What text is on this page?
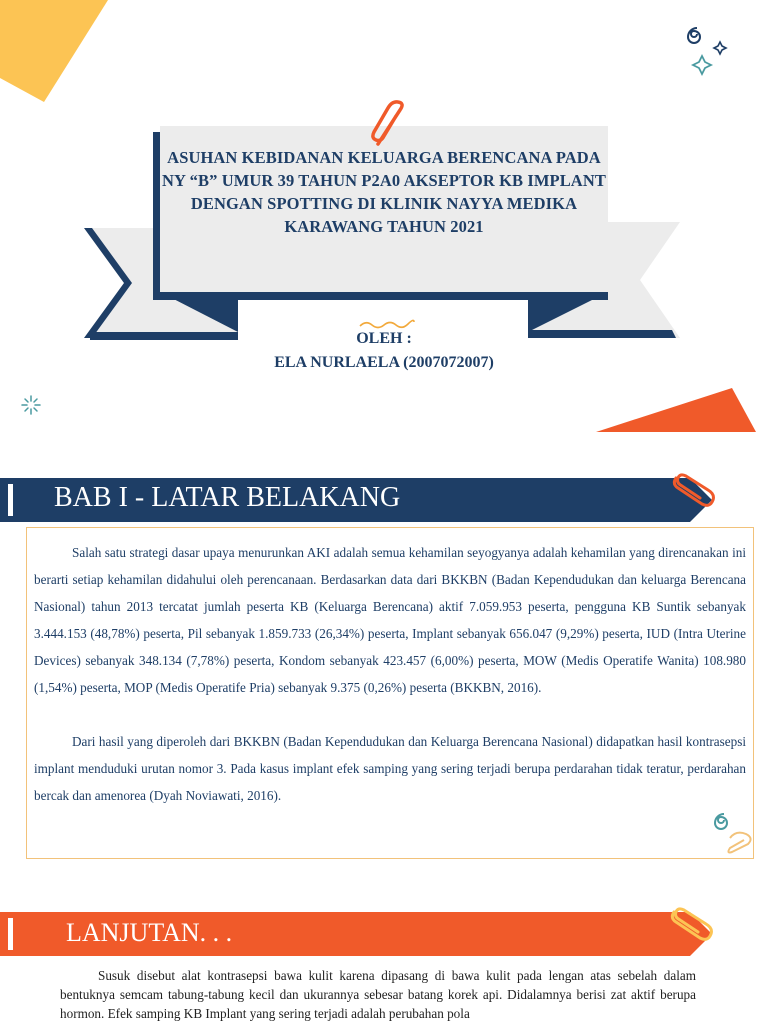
ASUHAN KEBIDANAN KELUARGA BERENCANA PADA NY “B” UMUR 39 TAHUN P2A0 AKSEPTOR KB IMPLANT DENGAN SPOTTING DI KLINIK NAYYA MEDIKA KARAWANG TAHUN 2021
OLEH :
ELA NURLAELA (2007072007)
BAB I - LATAR BELAKANG

Salah satu strategi dasar upaya menurunkan AKI adalah semua kehamilan seyogyanya adalah kehamilan yang direncanakan ini berarti setiap kehamilan didahului oleh perencanaan. Berdasarkan data dari BKKBN (Badan Kependudukan dan keluarga Berencana Nasional) tahun 2013 tercatat jumlah peserta KB (Keluarga Berencana) aktif 7.059.953 peserta, pengguna KB Suntik sebanyak 3.444.153 (48,78%) peserta, Pil sebanyak 1.859.733 (26,34%) peserta, Implant sebanyak 656.047 (9,29%) peserta, IUD (Intra Uterine Devices) sebanyak 348.134 (7,78%) peserta, Kondom sebanyak 423.457 (6,00%) peserta, MOW (Medis Operatife Wanita) 108.980 (1,54%) peserta, MOP (Medis Operatife Pria) sebanyak 9.375 (0,26%) peserta (BKKBN, 2016).

Dari hasil yang diperoleh dari BKKBN (Badan Kependudukan dan Keluarga Berencana Nasional) didapatkan hasil kontrasepsi implant menduduki urutan nomor 3. Pada kasus implant efek samping yang sering terjadi berupa perdarahan tidak teratur, perdarahan bercak dan amenorea (Dyah Noviawati, 2016).

LANJUTAN. . .

Susuk disebut alat kontrasepsi bawa kulit karena dipasang di bawa kulit pada lengan atas sebelah dalam bentuknya semcam tabung-tabung kecil dan ukurannya sebesar batang korek api. Didalamnya berisi zat aktif berupa hormon. Efek samping KB Implant yang sering terjadi adalah perubahan pola
